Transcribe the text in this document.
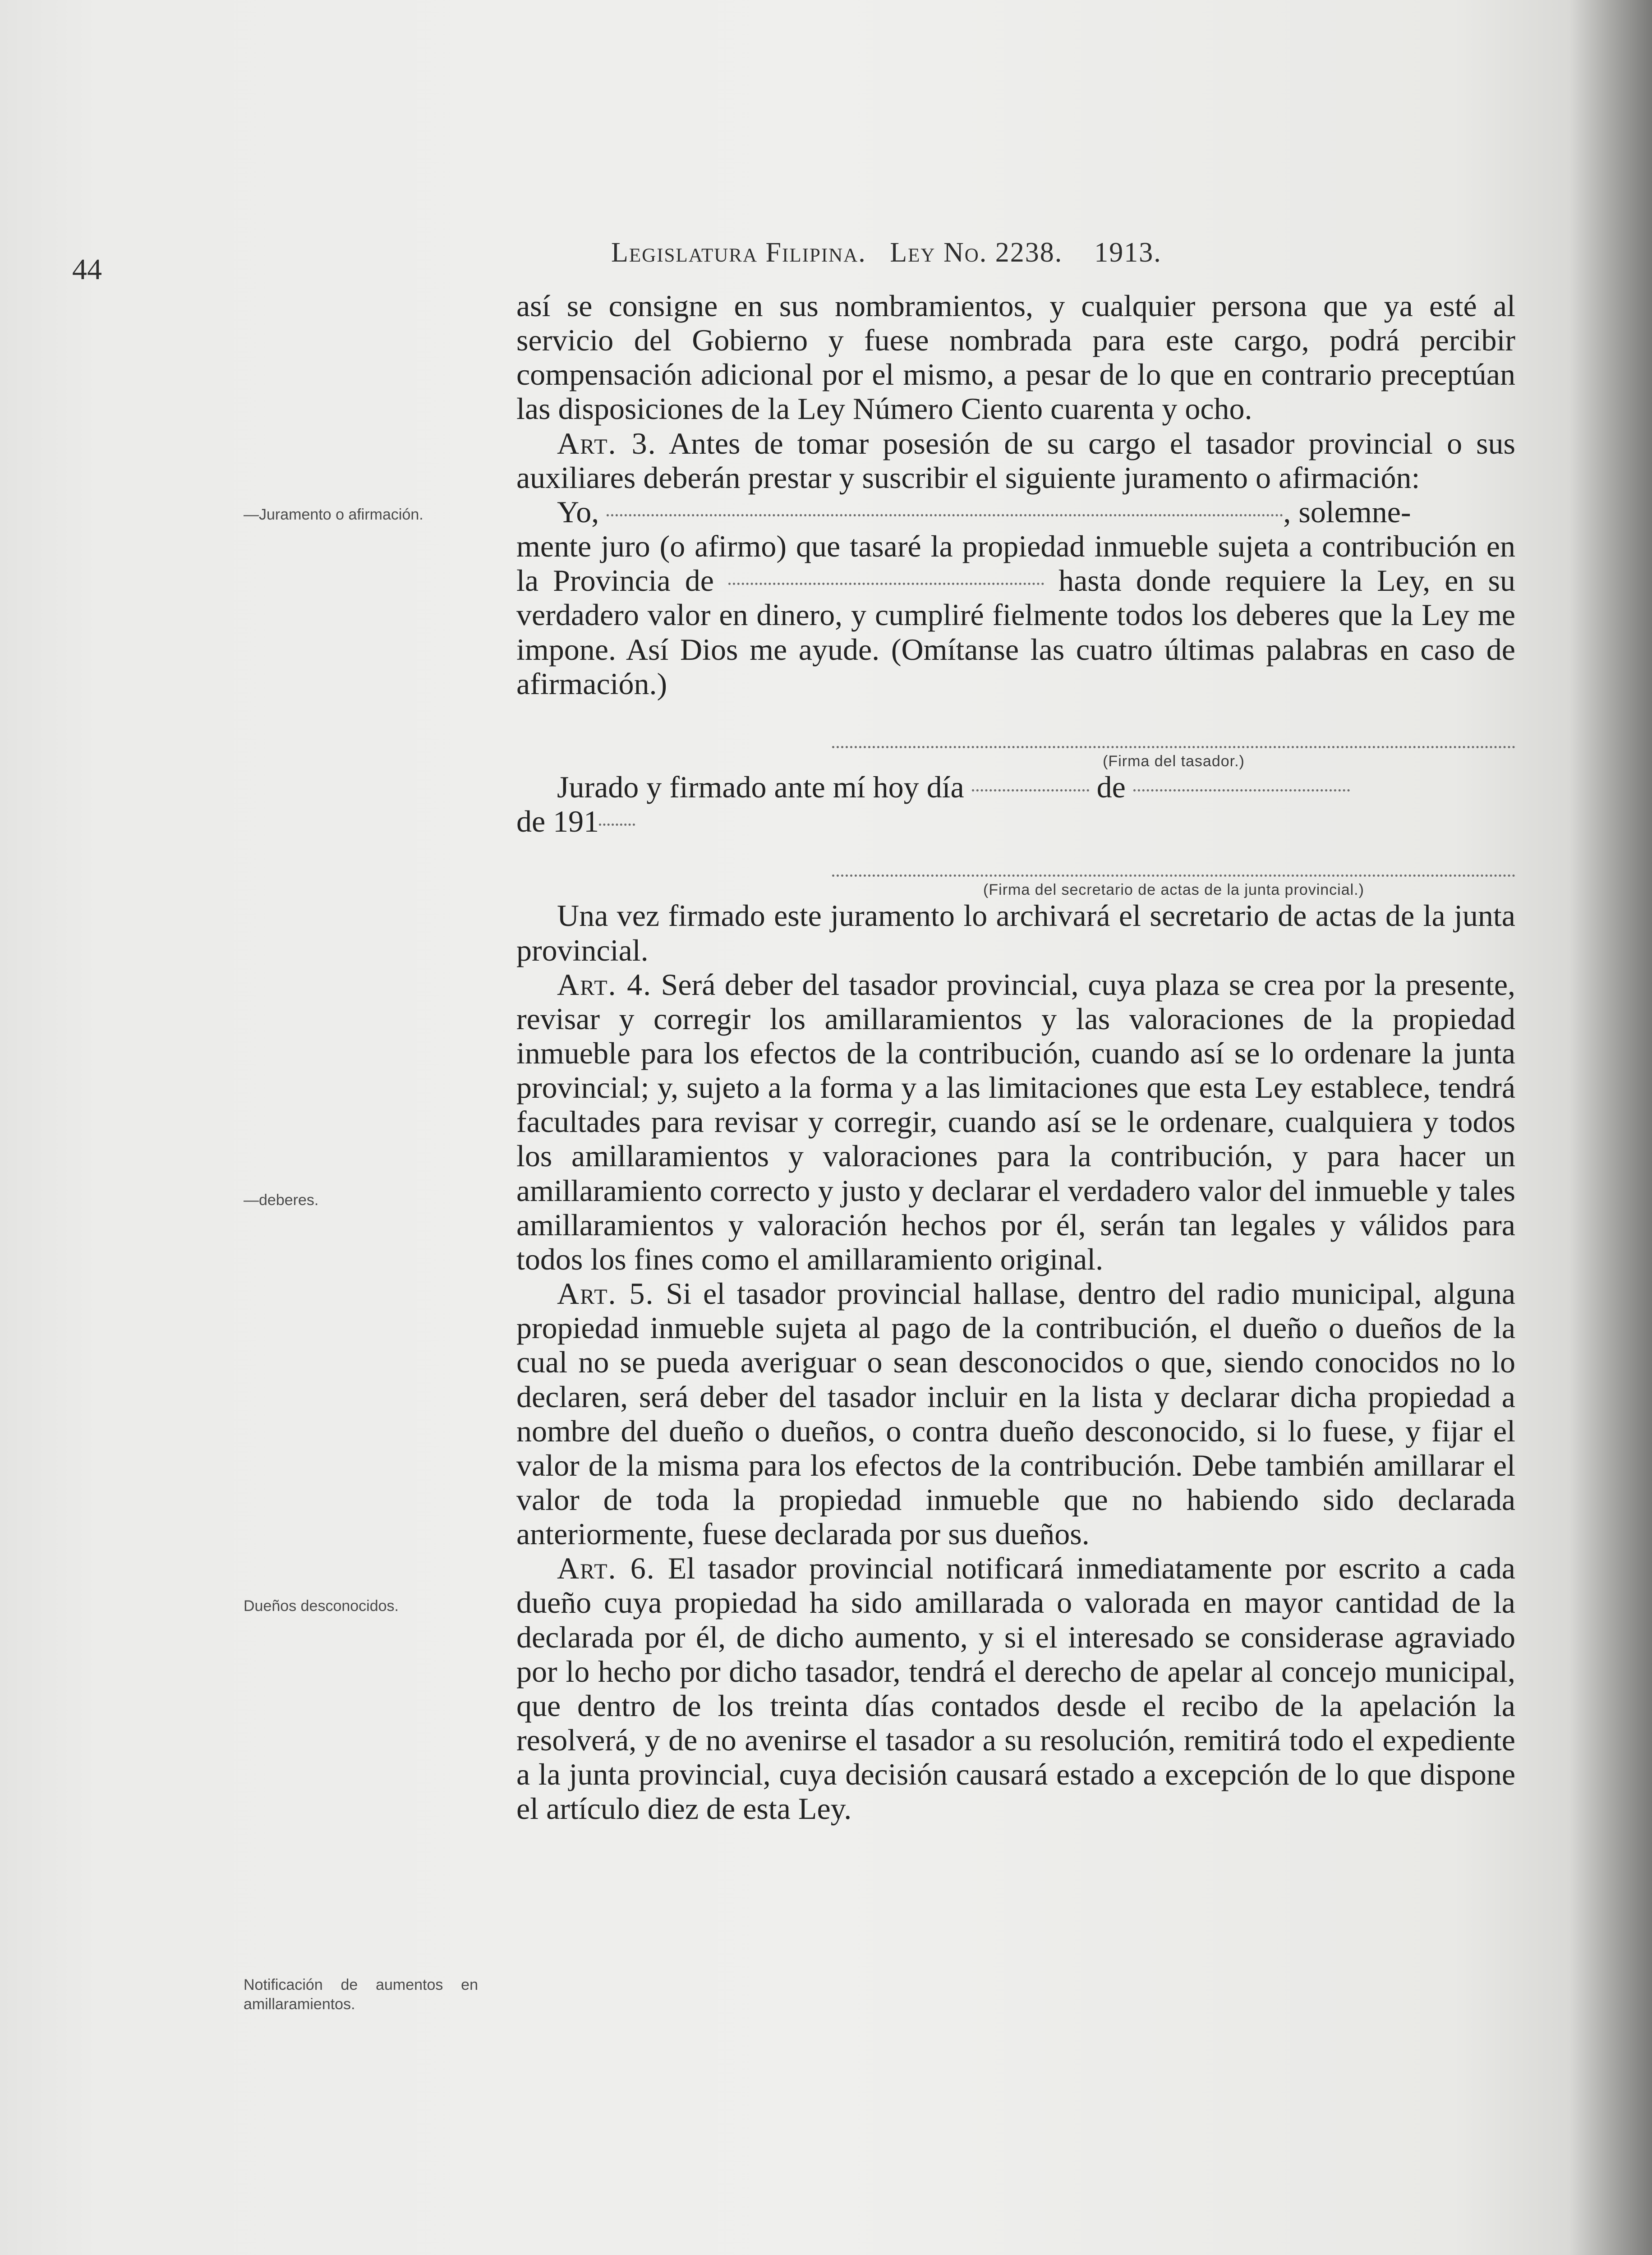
44
Legislatura Filipina. Ley No. 2238. 1913.
—Juramento o afirmación.
—deberes.
Dueños desconocidos.
Notificación de aumentos en amillaramientos.

así se consigne en sus nombramientos, y cualquier persona que ya esté al servicio del Gobierno y fuese nombrada para este cargo, podrá percibir compensación adicional por el mismo, a pesar de lo que en contrario preceptúan las disposiciones de la Ley Número Ciento cuarenta y ocho.

Art. 3. Antes de tomar posesión de su cargo el tasador provincial o sus auxiliares deberán prestar y suscribir el siguiente juramento o afirmación:

Yo,	, solemne-

mente juro (o afirmo) que tasaré la propiedad inmueble sujeta a contribución en la Provincia de	hasta donde requiere la Ley, en su verdadero valor en dinero, y cumpliré fielmente todos los deberes que la Ley me impone. Así Dios me ayude. (Omítanse las cuatro últimas palabras en caso de afirmación.)

(Firma del tasador.)

Jurado y firmado ante mí hoy día	de

de 191

(Firma del secretario de actas de la junta provincial.)

Una vez firmado este juramento lo archivará el secretario de actas de la junta provincial.

Art. 4. Será deber del tasador provincial, cuya plaza se crea por la presente, revisar y corregir los amillaramientos y las valoraciones de la propiedad inmueble para los efectos de la contribución, cuando así se lo ordenare la junta provincial; y, sujeto a la forma y a las limitaciones que esta Ley establece, tendrá facultades para revisar y corregir, cuando así se le ordenare, cualquiera y todos los amillaramientos y valoraciones para la contribución, y para hacer un amillaramiento correcto y justo y declarar el verdadero valor del inmueble y tales amillaramientos y valoración hechos por él, serán tan legales y válidos para todos los fines como el amillaramiento original.

Art. 5. Si el tasador provincial hallase, dentro del radio municipal, alguna propiedad inmueble sujeta al pago de la contribución, el dueño o dueños de la cual no se pueda averiguar o sean desconocidos o que, siendo conocidos no lo declaren, será deber del tasador incluir en la lista y declarar dicha propiedad a nombre del dueño o dueños, o contra dueño desconocido, si lo fuese, y fijar el valor de la misma para los efectos de la contribución. Debe también amillarar el valor de toda la propiedad inmueble que no habiendo sido declarada anteriormente, fuese declarada por sus dueños.

Art. 6. El tasador provincial notificará inmediatamente por escrito a cada dueño cuya propiedad ha sido amillarada o valorada en mayor cantidad de la declarada por él, de dicho aumento, y si el interesado se considerase agraviado por lo hecho por dicho tasador, tendrá el derecho de apelar al concejo municipal, que dentro de los treinta días contados desde el recibo de la apelación la resolverá, y de no avenirse el tasador a su resolución, remitirá todo el expediente a la junta provincial, cuya decisión causará estado a excepción de lo que dispone el artículo diez de esta Ley.
